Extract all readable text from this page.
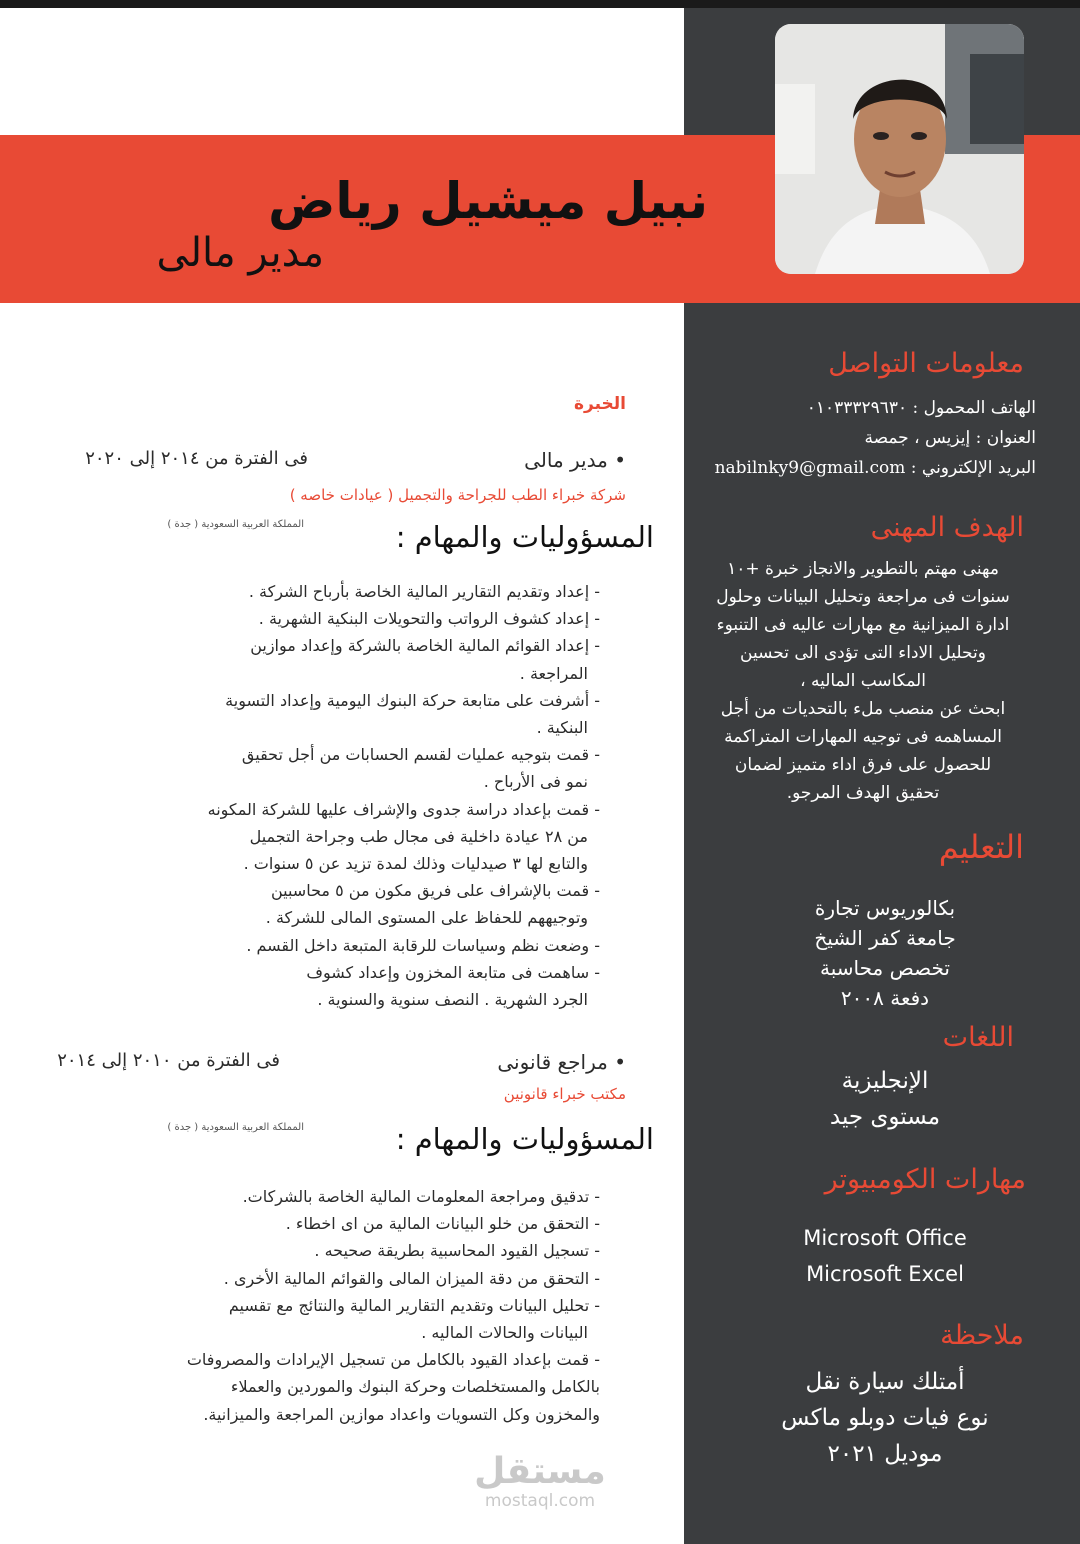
نبيل ميشيل رياض
مدير مالى
معلومات التواصل
الهاتف المحمول : ٠١٠٣٣٣٢٩٦٣٠
العنوان : إيزيس ، جمصة
البريد الإلكتروني : nabilnky9@gmail.com
الهدف المهنى
مهنى مهتم بالتطوير والانجاز خبرة +١٠
سنوات فى مراجعة وتحليل البيانات وحلول
ادارة الميزانية مع مهارات عاليه فى التنبوء
وتحليل الاداء التى تؤدى الى تحسين
المكاسب الماليه ،
ابحث عن منصب ملء بالتحديات من أجل
المساهمه فى توجيه المهارات المتراكمة
للحصول على فرق اداء متميز لضمان
تحقيق الهدف المرجو.
التعليم
بكالوريوس تجارة
جامعة كفر الشيخ
تخصص محاسبة
دفعة ٢٠٠٨
اللغات
الإنجليزية
مستوى جيد
مهارات الكومبيوتر
Microsoft Office
Microsoft Excel
ملاحظة
أمتلك سيارة نقل
نوع فيات دوبلو ماكس
موديل ٢٠٢١
الخبرة
• مدير مالى
فى الفترة من ٢٠١٤ إلى ٢٠٢٠
شركة خبراء الطب للجراحة والتجميل ( عيادات خاصه )
المملكة العربية السعودية ( جدة )	المسؤوليات والمهام :
- إعداد وتقديم التقارير المالية الخاصة بأرباح الشركة .
- إعداد كشوف الرواتب والتحويلات البنكية الشهرية .
- إعداد القوائم المالية الخاصة بالشركة وإعداد موازين
المراجعة .
- أشرفت على متابعة حركة البنوك اليومية وإعداد التسوية
البنكية .
- قمت بتوجيه عمليات لقسم الحسابات من أجل تحقيق
نمو فى الأرباح .
- قمت بإعداد دراسة جدوى والإشراف عليها للشركة المكونه
من ٢٨ عيادة داخلية فى مجال طب وجراحة التجميل
والتابع لها ٣ صيدليات وذلك لمدة تزيد عن ٥ سنوات .
- قمت بالإشراف على فريق مكون من ٥ محاسبين
وتوجيههم للحفاظ على المستوى المالى للشركة .
- وضعت نظم وسياسات للرقابة المتبعة داخل القسم .
- ساهمت فى متابعة المخزون وإعداد كشوف
الجرد الشهرية . النصف سنوية والسنوية .
• مراجع قانونى
فى الفترة من ٢٠١٠ إلى ٢٠١٤
مكتب خبراء قانونين
المملكة العربية السعودية ( جدة )	المسؤوليات والمهام :
- تدقيق ومراجعة المعلومات المالية الخاصة بالشركات.
- التحقق من خلو البيانات المالية من اى اخطاء .
- تسجيل القيود المحاسبية بطريقة صحيحه .
- التحقق من دقة الميزان المالى والقوائم المالية الأخرى .
- تحليل البيانات وتقديم التقارير المالية والنتائج مع تقسيم
البيانات والحالات الماليه .
- قمت بإعداد القيود بالكامل من تسجيل الإيرادات والمصروفات
بالكامل والمستخلصات وحركة البنوك والموردين والعملاء
والمخزون وكل التسويات واعداد موازين المراجعة والميزانية.
مستقل
mostaql.com
